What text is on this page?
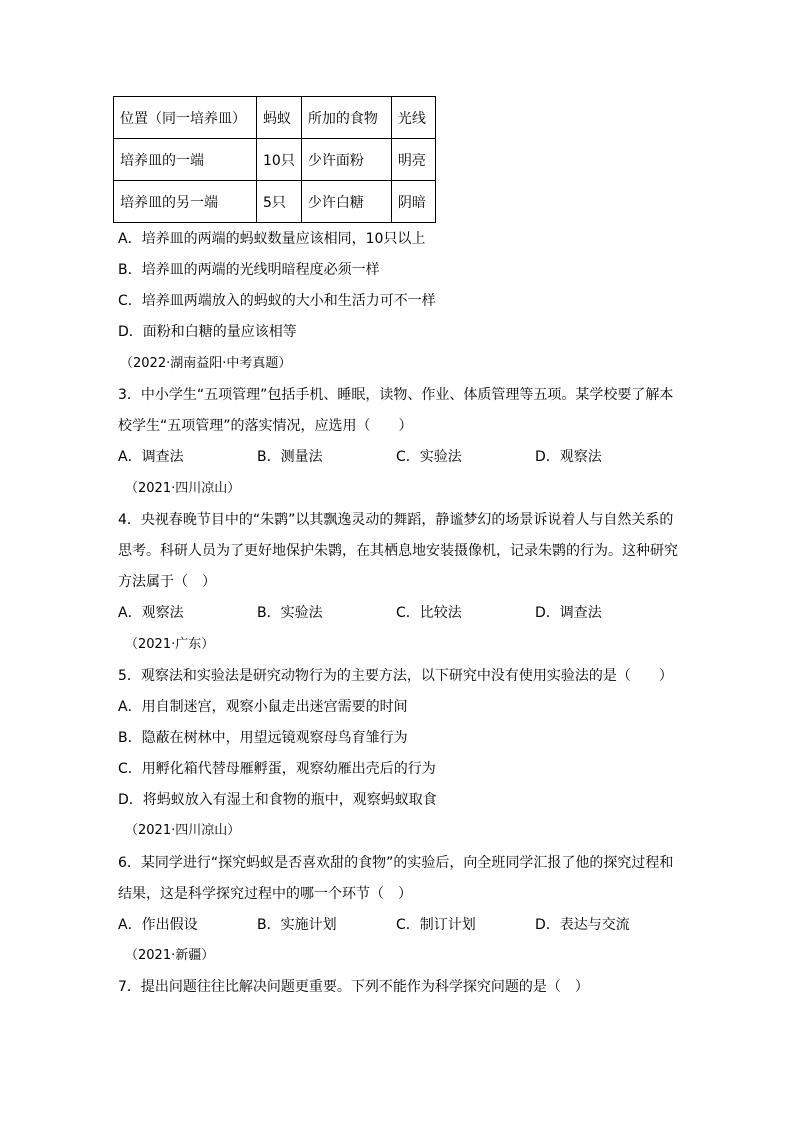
位置（同一培养皿）	蚂蚁	所加的食物	光线
培养皿的一端	10只	少许面粉	明亮
培养皿的另一端	5只	少许白糖	阴暗
A．培养皿的两端的蚂蚁数量应该相同，10只以上
B．培养皿的两端的光线明暗程度必须一样
C．培养皿两端放入的蚂蚁的大小和生活力可不一样
D．面粉和白糖的量应该相等
（2022·湖南益阳·中考真题）
3．中小学生“五项管理”包括手机、睡眠，读物、作业、体质管理等五项。某学校要了解本
校学生“五项管理”的落实情况，应选用（　　）
A．调查法	B．测量法	C．实验法	D．观察法
（2021·四川凉山）
4．央视春晚节目中的“朱鹮”以其飘逸灵动的舞蹈，静谧梦幻的场景诉说着人与自然关系的
思考。科研人员为了更好地保护朱鹮，在其栖息地安装摄像机，记录朱鹮的行为。这种研究
方法属于（　）
A．观察法	B．实验法	C．比较法	D．调查法
（2021·广东）
5．观察法和实验法是研究动物行为的主要方法，以下研究中没有使用实验法的是（　　）
A．用自制迷宫，观察小鼠走出迷宫需要的时间
B．隐蔽在树林中，用望远镜观察母鸟育雏行为
C．用孵化箱代替母雁孵蛋，观察幼雁出壳后的行为
D．将蚂蚁放入有湿土和食物的瓶中，观察蚂蚁取食
（2021·四川凉山）
6．某同学进行“探究蚂蚁是否喜欢甜的食物”的实验后，向全班同学汇报了他的探究过程和
结果，这是科学探究过程中的哪一个环节（　）
A．作出假设	B．实施计划	C．制订计划	D．表达与交流
（2021·新疆）
7．提出问题往往比解决问题更重要。下列不能作为科学探究问题的是（　）
